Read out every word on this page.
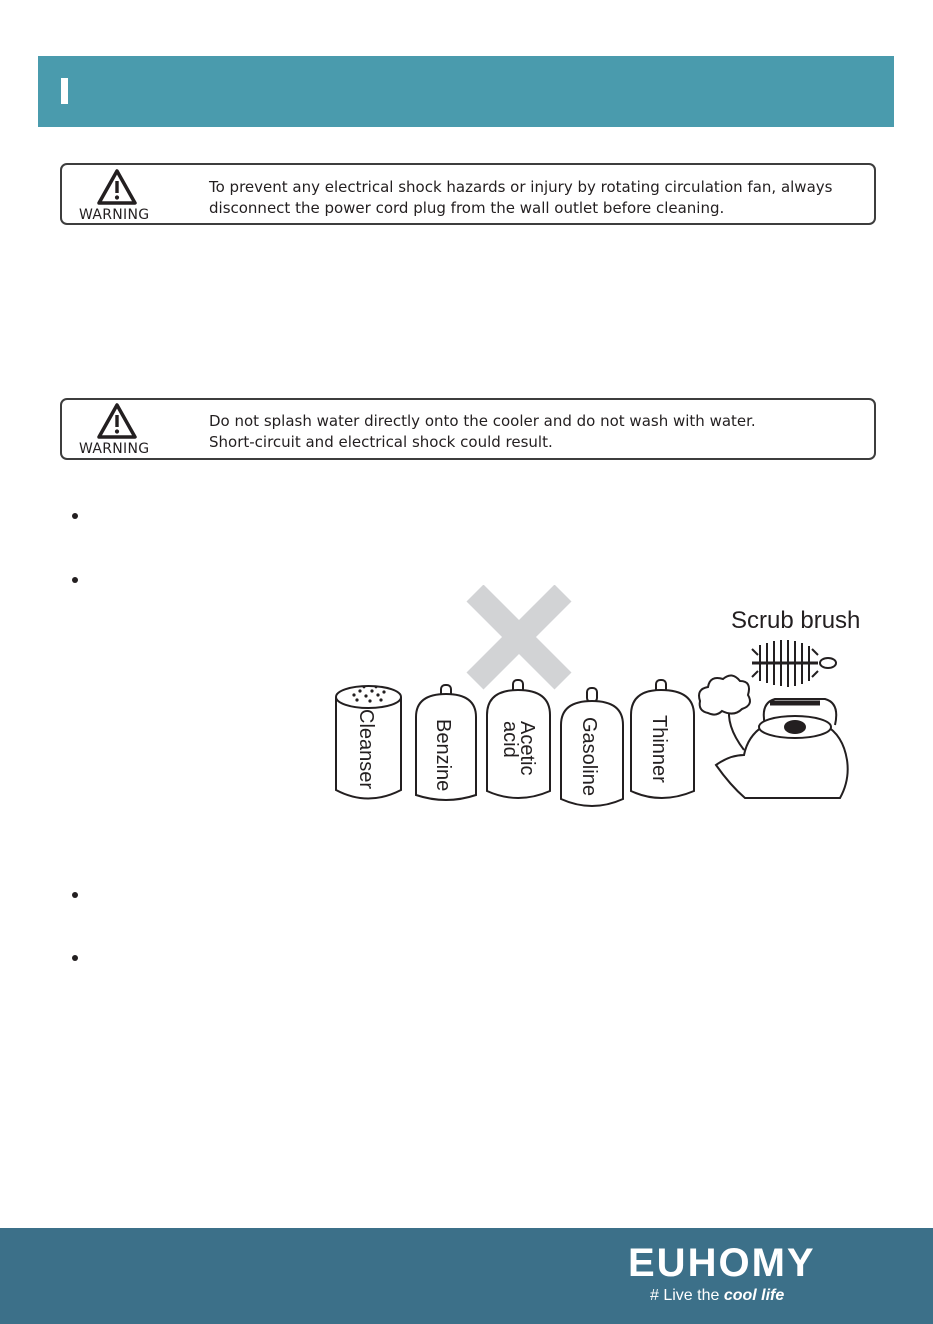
WARNING
To prevent any electrical shock hazards or injury by rotating circulation fan, always
disconnect the power cord plug from the wall outlet before cleaning.
WARNING
Do not splash water directly onto the cooler and do not wash with water.
Short-circuit and electrical shock could result.
Cleanser	Benzine	Acetic
acid	Gasoline Thinner
Scrub brush
EUHOMY
# Live the cool life
